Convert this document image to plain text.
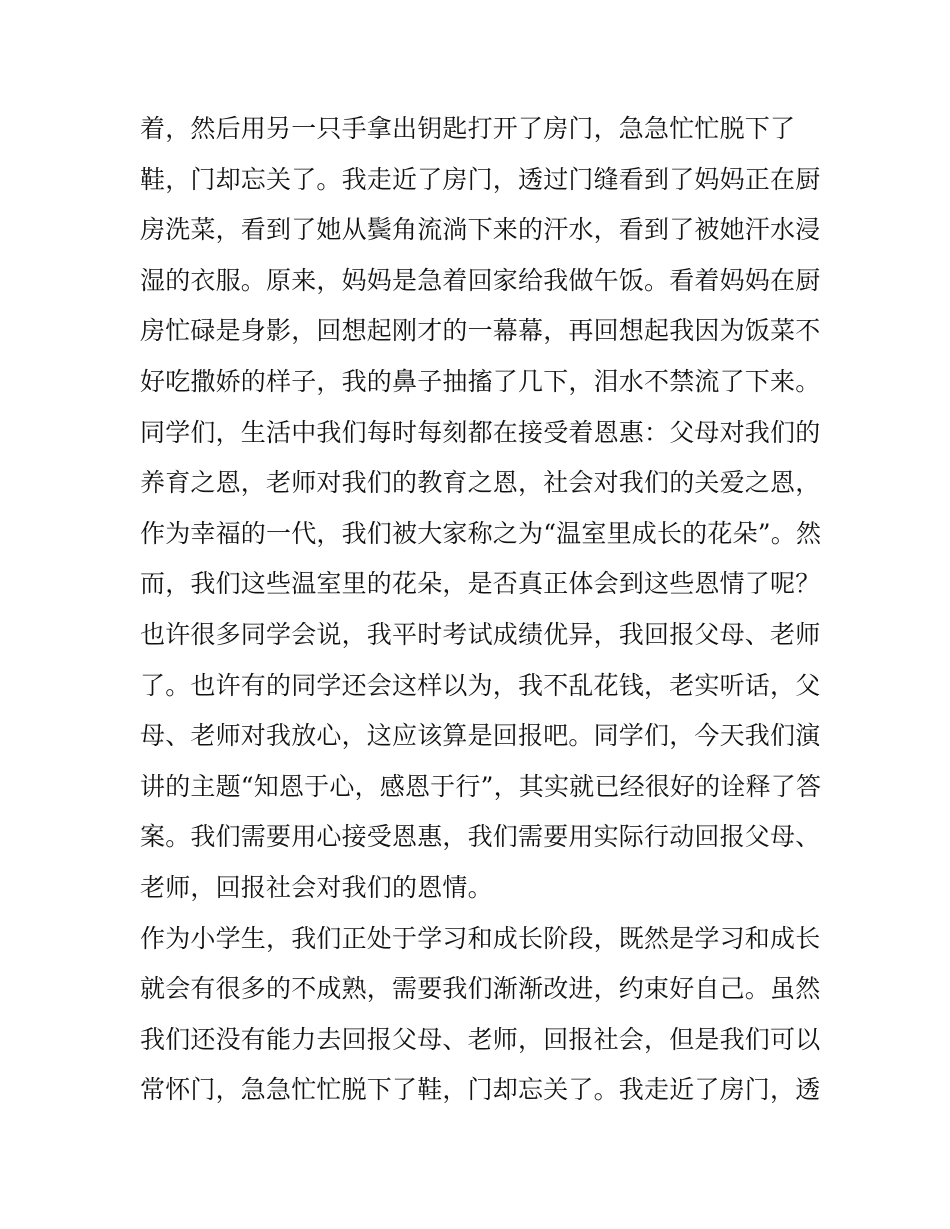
着，然后用另一只手拿出钥匙打开了房门，急急忙忙脱下了
鞋，门却忘关了。我走近了房门，透过门缝看到了妈妈正在厨
房洗菜，看到了她从鬓角流淌下来的汗水，看到了被她汗水浸
湿的衣服。原来，妈妈是急着回家给我做午饭。看着妈妈在厨
房忙碌是身影，回想起刚才的一幕幕，再回想起我因为饭菜不
好吃撒娇的样子，我的鼻子抽搐了几下，泪水不禁流了下来。
同学们，生活中我们每时每刻都在接受着恩惠：父母对我们的
养育之恩，老师对我们的教育之恩，社会对我们的关爱之恩，
作为幸福的一代，我们被大家称之为“温室里成长的花朵”。然
而，我们这些温室里的花朵，是否真正体会到这些恩情了呢？
也许很多同学会说，我平时考试成绩优异，我回报父母、老师
了。也许有的同学还会这样以为，我不乱花钱，老实听话，父
母、老师对我放心，这应该算是回报吧。同学们，今天我们演
讲的主题“知恩于心，感恩于行”，其实就已经很好的诠释了答
案。我们需要用心接受恩惠，我们需要用实际行动回报父母、
老师，回报社会对我们的恩情。
作为小学生，我们正处于学习和成长阶段，既然是学习和成长
就会有很多的不成熟，需要我们渐渐改进，约束好自己。虽然
我们还没有能力去回报父母、老师，回报社会，但是我们可以
常怀门，急急忙忙脱下了鞋，门却忘关了。我走近了房门，透
